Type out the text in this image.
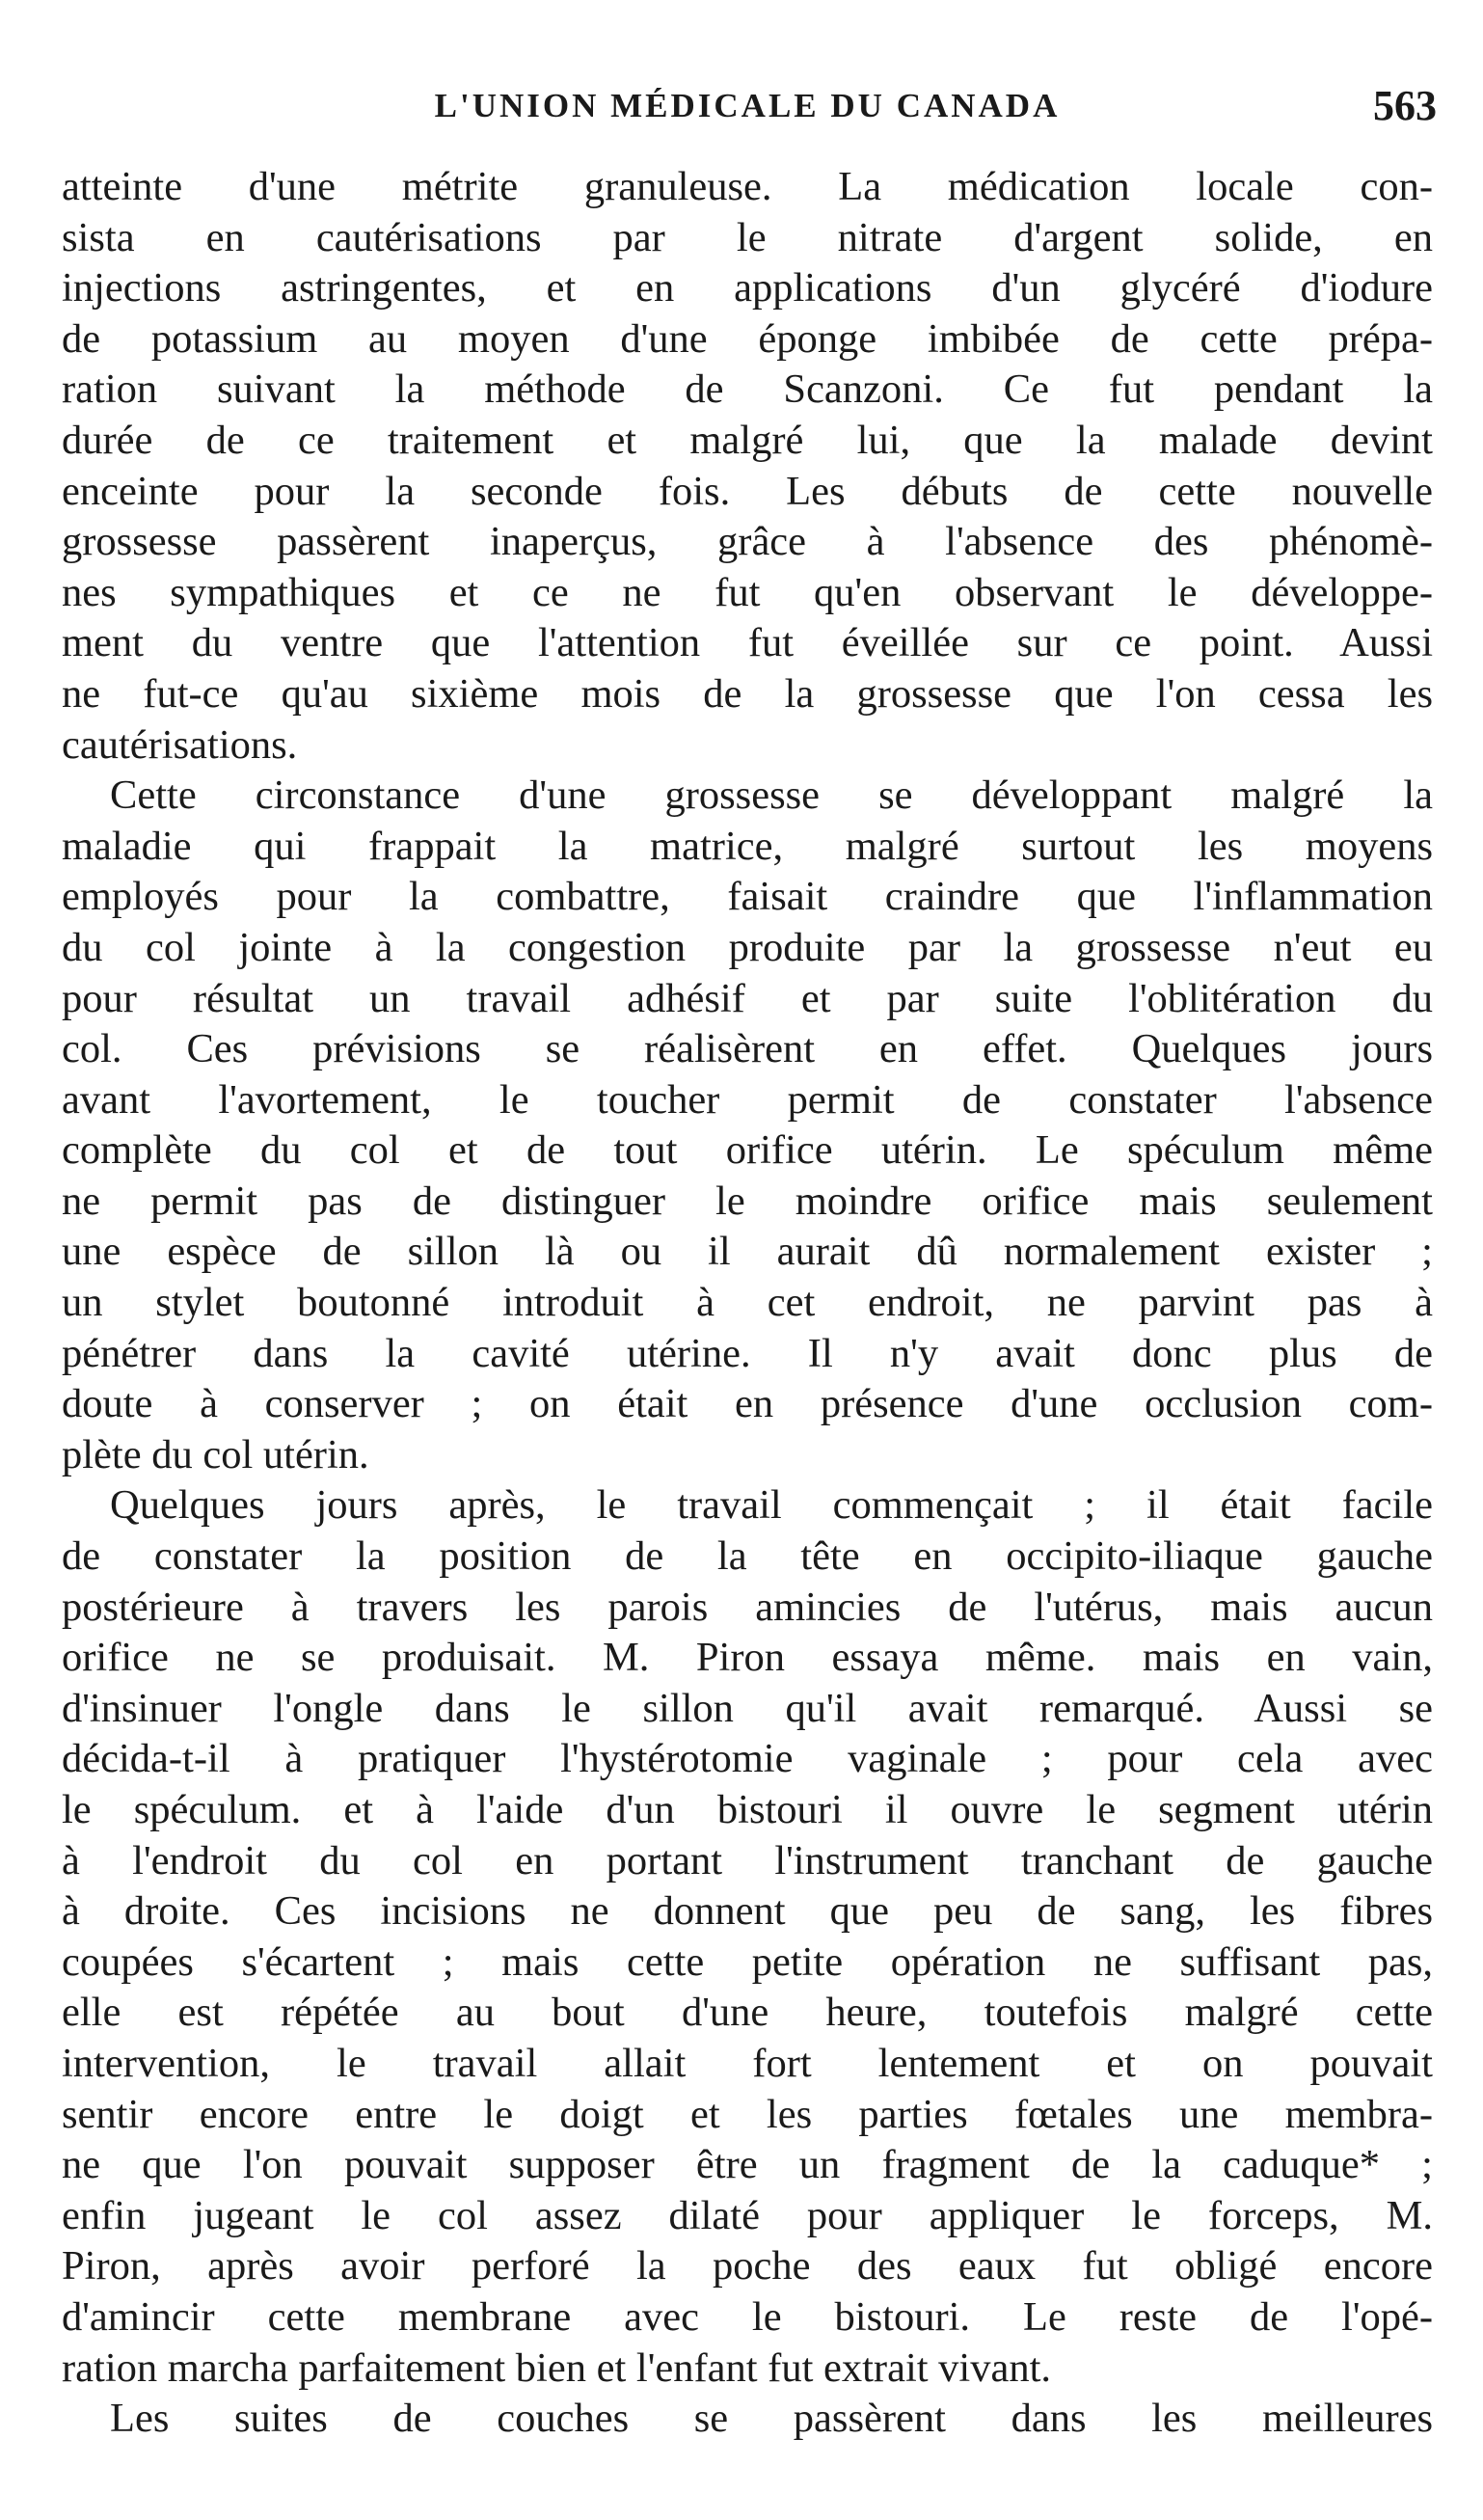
L'UNION MÉDICALE DU CANADA	563
atteinte d'une métrite granuleuse. La médication locale con-
sista en cautérisations par le nitrate d'argent solide, en
injections astringentes, et en applications d'un glycéré d'iodure
de potassium au moyen d'une éponge imbibée de cette prépa-
ration suivant la méthode de Scanzoni. Ce fut pendant la
durée de ce traitement et malgré lui, que la malade devint
enceinte pour la seconde fois. Les débuts de cette nouvelle
grossesse passèrent inaperçus, grâce à l'absence des phénomè-
nes sympathiques et ce ne fut qu'en observant le développe-
ment du ventre que l'attention fut éveillée sur ce point. Aussi
ne fut-ce qu'au sixième mois de la grossesse que l'on cessa les
cautérisations.
Cette circonstance d'une grossesse se développant malgré la
maladie qui frappait la matrice, malgré surtout les moyens
employés pour la combattre, faisait craindre que l'inflammation
du col jointe à la congestion produite par la grossesse n'eut eu
pour résultat un travail adhésif et par suite l'oblitération du
col. Ces prévisions se réalisèrent en effet. Quelques jours
avant l'avortement, le toucher permit de constater l'absence
complète du col et de tout orifice utérin. Le spéculum même
ne permit pas de distinguer le moindre orifice mais seulement
une espèce de sillon là ou il aurait dû normalement exister ;
un stylet boutonné introduit à cet endroit, ne parvint pas à
pénétrer dans la cavité utérine. Il n'y avait donc plus de
doute à conserver ; on était en présence d'une occlusion com-
plète du col utérin.
Quelques jours après, le travail commençait ; il était facile
de constater la position de la tête en occipito-iliaque gauche
postérieure à travers les parois amincies de l'utérus, mais aucun
orifice ne se produisait. M. Piron essaya même. mais en vain,
d'insinuer l'ongle dans le sillon qu'il avait remarqué. Aussi se
décida-t-il à pratiquer l'hystérotomie vaginale ; pour cela avec
le spéculum. et à l'aide d'un bistouri il ouvre le segment utérin
à l'endroit du col en portant l'instrument tranchant de gauche
à droite. Ces incisions ne donnent que peu de sang, les fibres
coupées s'écartent ; mais cette petite opération ne suffisant pas,
elle est répétée au bout d'une heure, toutefois malgré cette
intervention, le travail allait fort lentement et on pouvait
sentir encore entre le doigt et les parties fœtales une membra-
ne que l'on pouvait supposer être un fragment de la caduque* ;
enfin jugeant le col assez dilaté pour appliquer le forceps, M.
Piron, après avoir perforé la poche des eaux fut obligé encore
d'amincir cette membrane avec le bistouri. Le reste de l'opé-
ration marcha parfaitement bien et l'enfant fut extrait vivant.
Les suites de couches se passèrent dans les meilleures
